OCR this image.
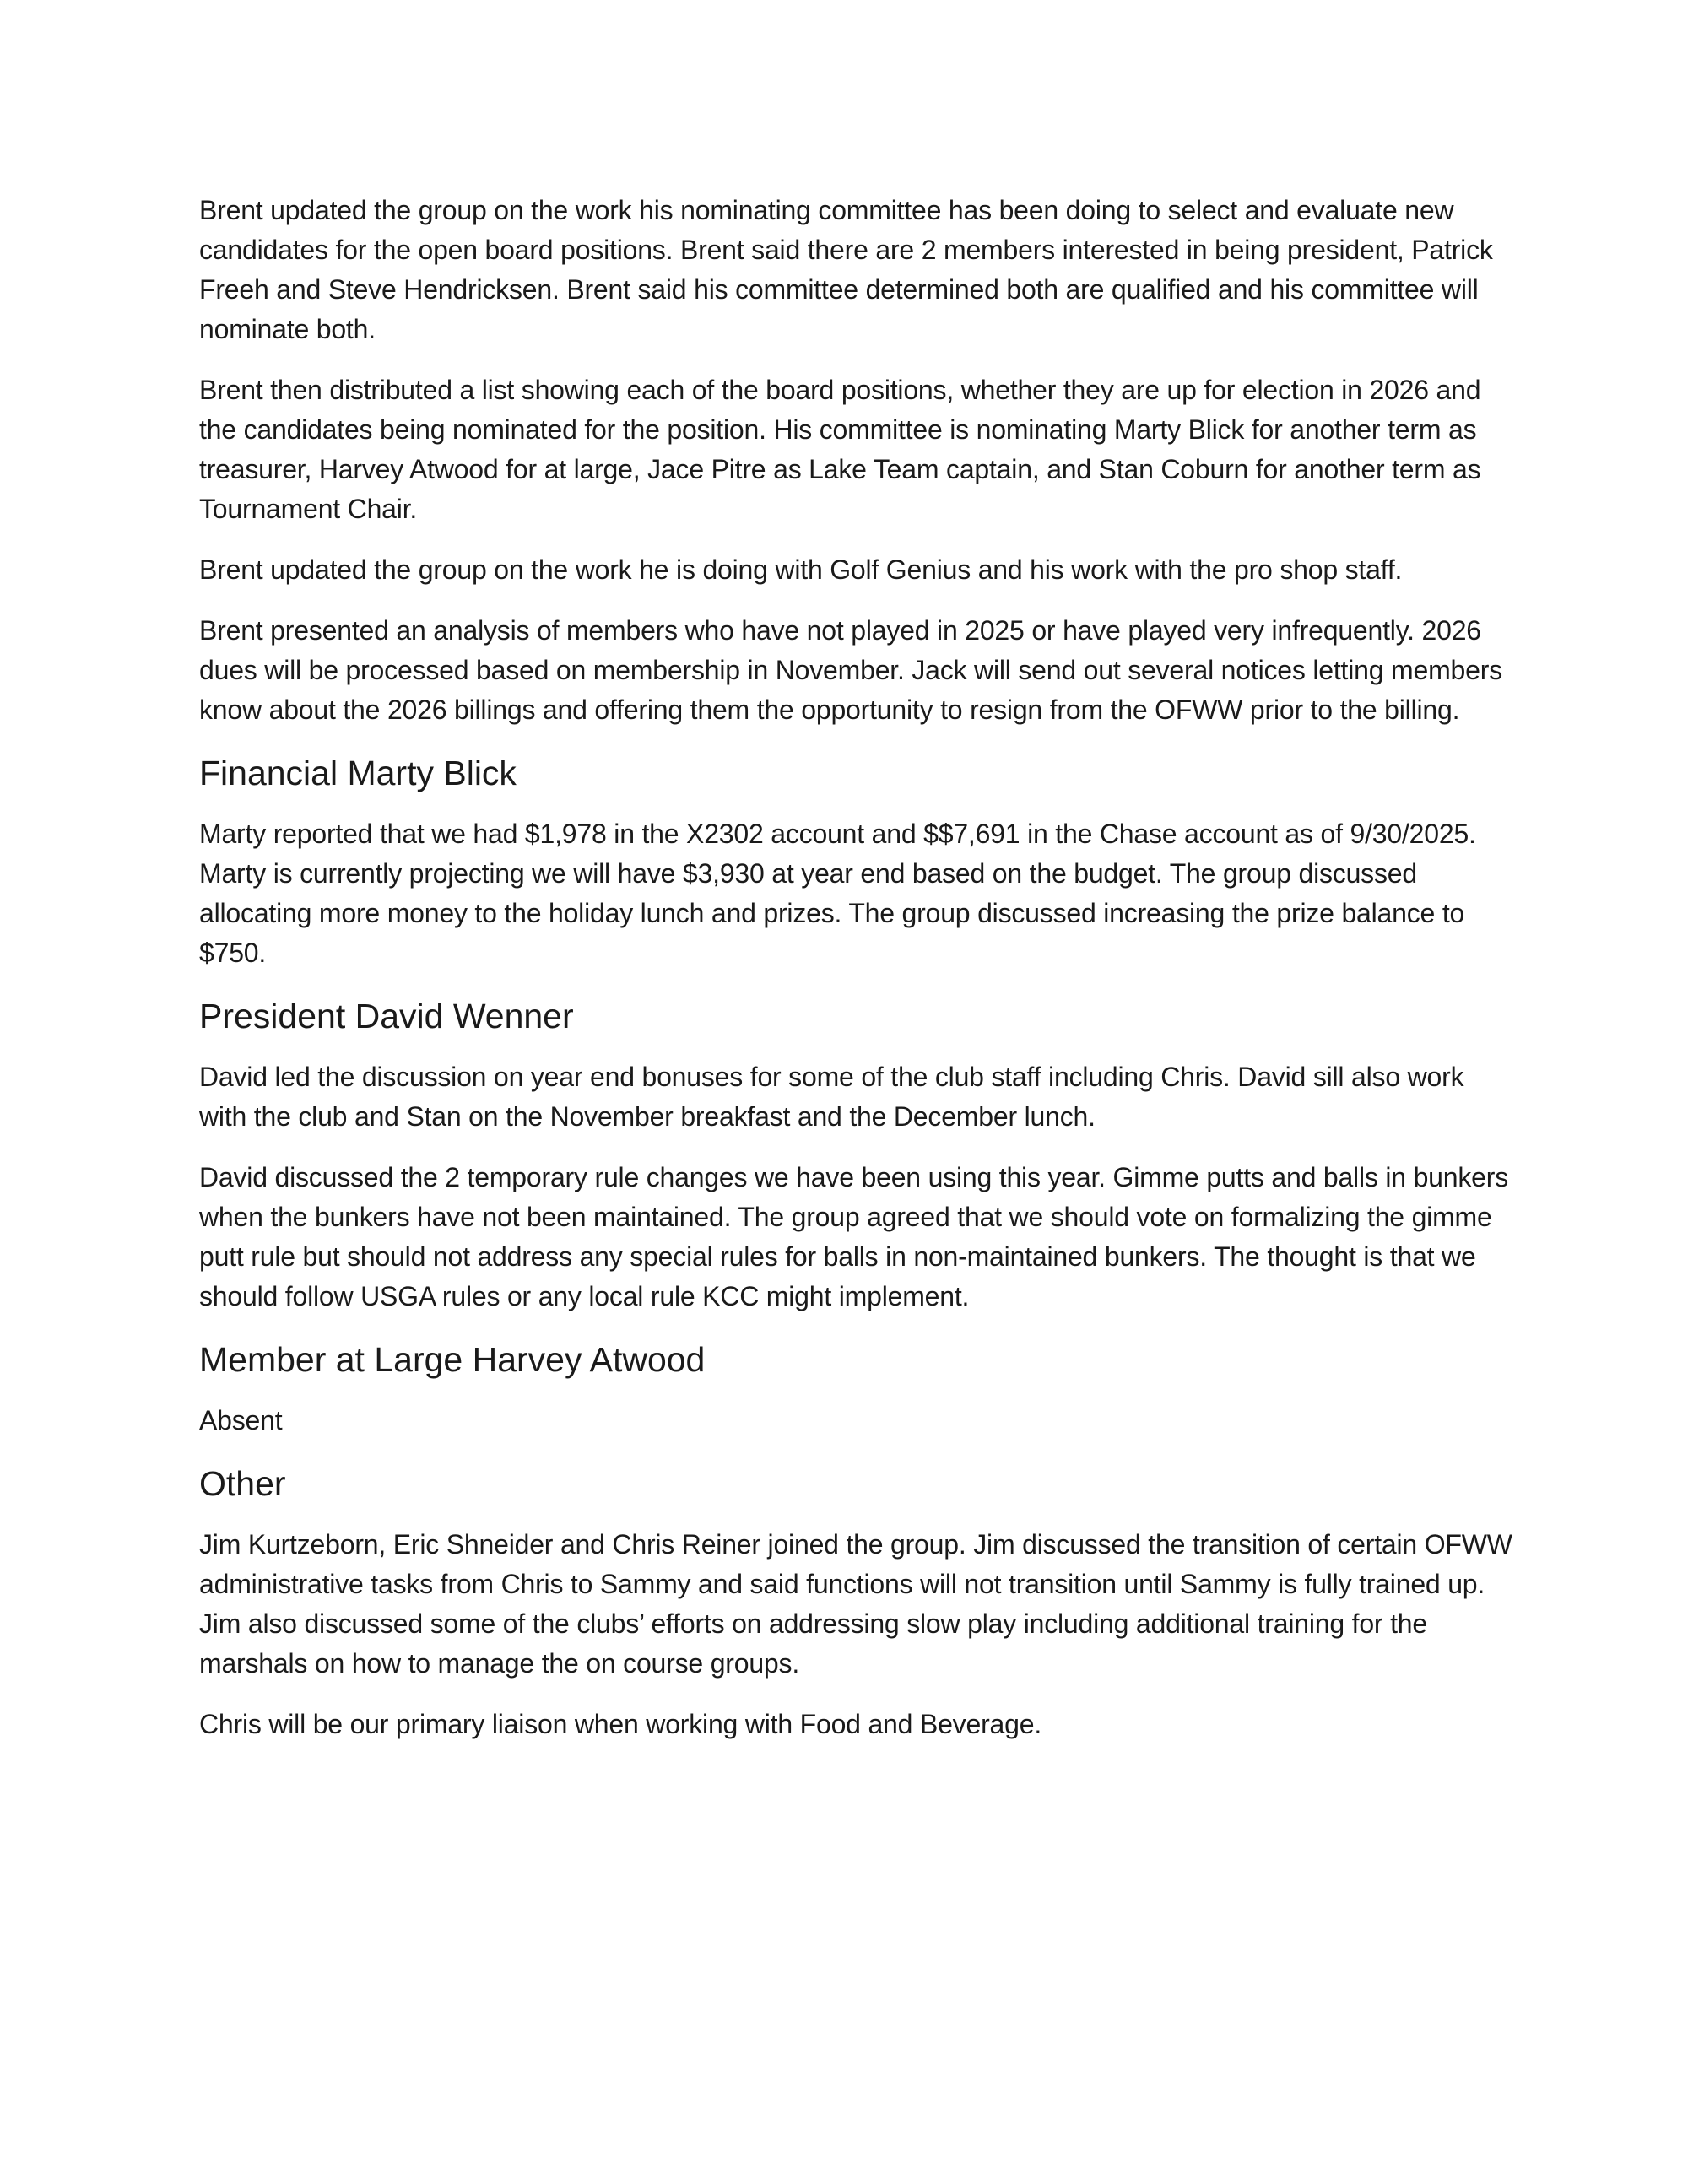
Brent updated the group on the work his nominating committee has been doing to select and evaluate new candidates for the open board positions. Brent said there are 2 members interested in being president, Patrick Freeh and Steve Hendricksen. Brent said his committee determined both are qualified and his committee will nominate both.

Brent then distributed a list showing each of the board positions, whether they are up for election in 2026 and the candidates being nominated for the position. His committee is nominating Marty Blick for another term as treasurer, Harvey Atwood for at large, Jace Pitre as Lake Team captain, and Stan Coburn for another term as Tournament Chair.

Brent updated the group on the work he is doing with Golf Genius and his work with the pro shop staff.

Brent presented an analysis of members who have not played in 2025 or have played very infrequently. 2026 dues will be processed based on membership in November. Jack will send out several notices letting members know about the 2026 billings and offering them the opportunity to resign from the OFWW prior to the billing.

Financial Marty Blick

Marty reported that we had $1,978 in the X2302 account and $$7,691 in the Chase account as of 9/30/2025. Marty is currently projecting we will have $3,930 at year end based on the budget. The group discussed allocating more money to the holiday lunch and prizes. The group discussed increasing the prize balance to $750.

President David Wenner

David led the discussion on year end bonuses for some of the club staff including Chris. David sill also work with the club and Stan on the November breakfast and the December lunch.

David discussed the 2 temporary rule changes we have been using this year. Gimme putts and balls in bunkers when the bunkers have not been maintained. The group agreed that we should vote on formalizing the gimme putt rule but should not address any special rules for balls in non-maintained bunkers. The thought is that we should follow USGA rules or any local rule KCC might implement.

Member at Large Harvey Atwood

Absent

Other

Jim Kurtzeborn, Eric Shneider and Chris Reiner joined the group. Jim discussed the transition of certain OFWW administrative tasks from Chris to Sammy and said functions will not transition until Sammy is fully trained up. Jim also discussed some of the clubs’ efforts on addressing slow play including additional training for the marshals on how to manage the on course groups.

Chris will be our primary liaison when working with Food and Beverage.
